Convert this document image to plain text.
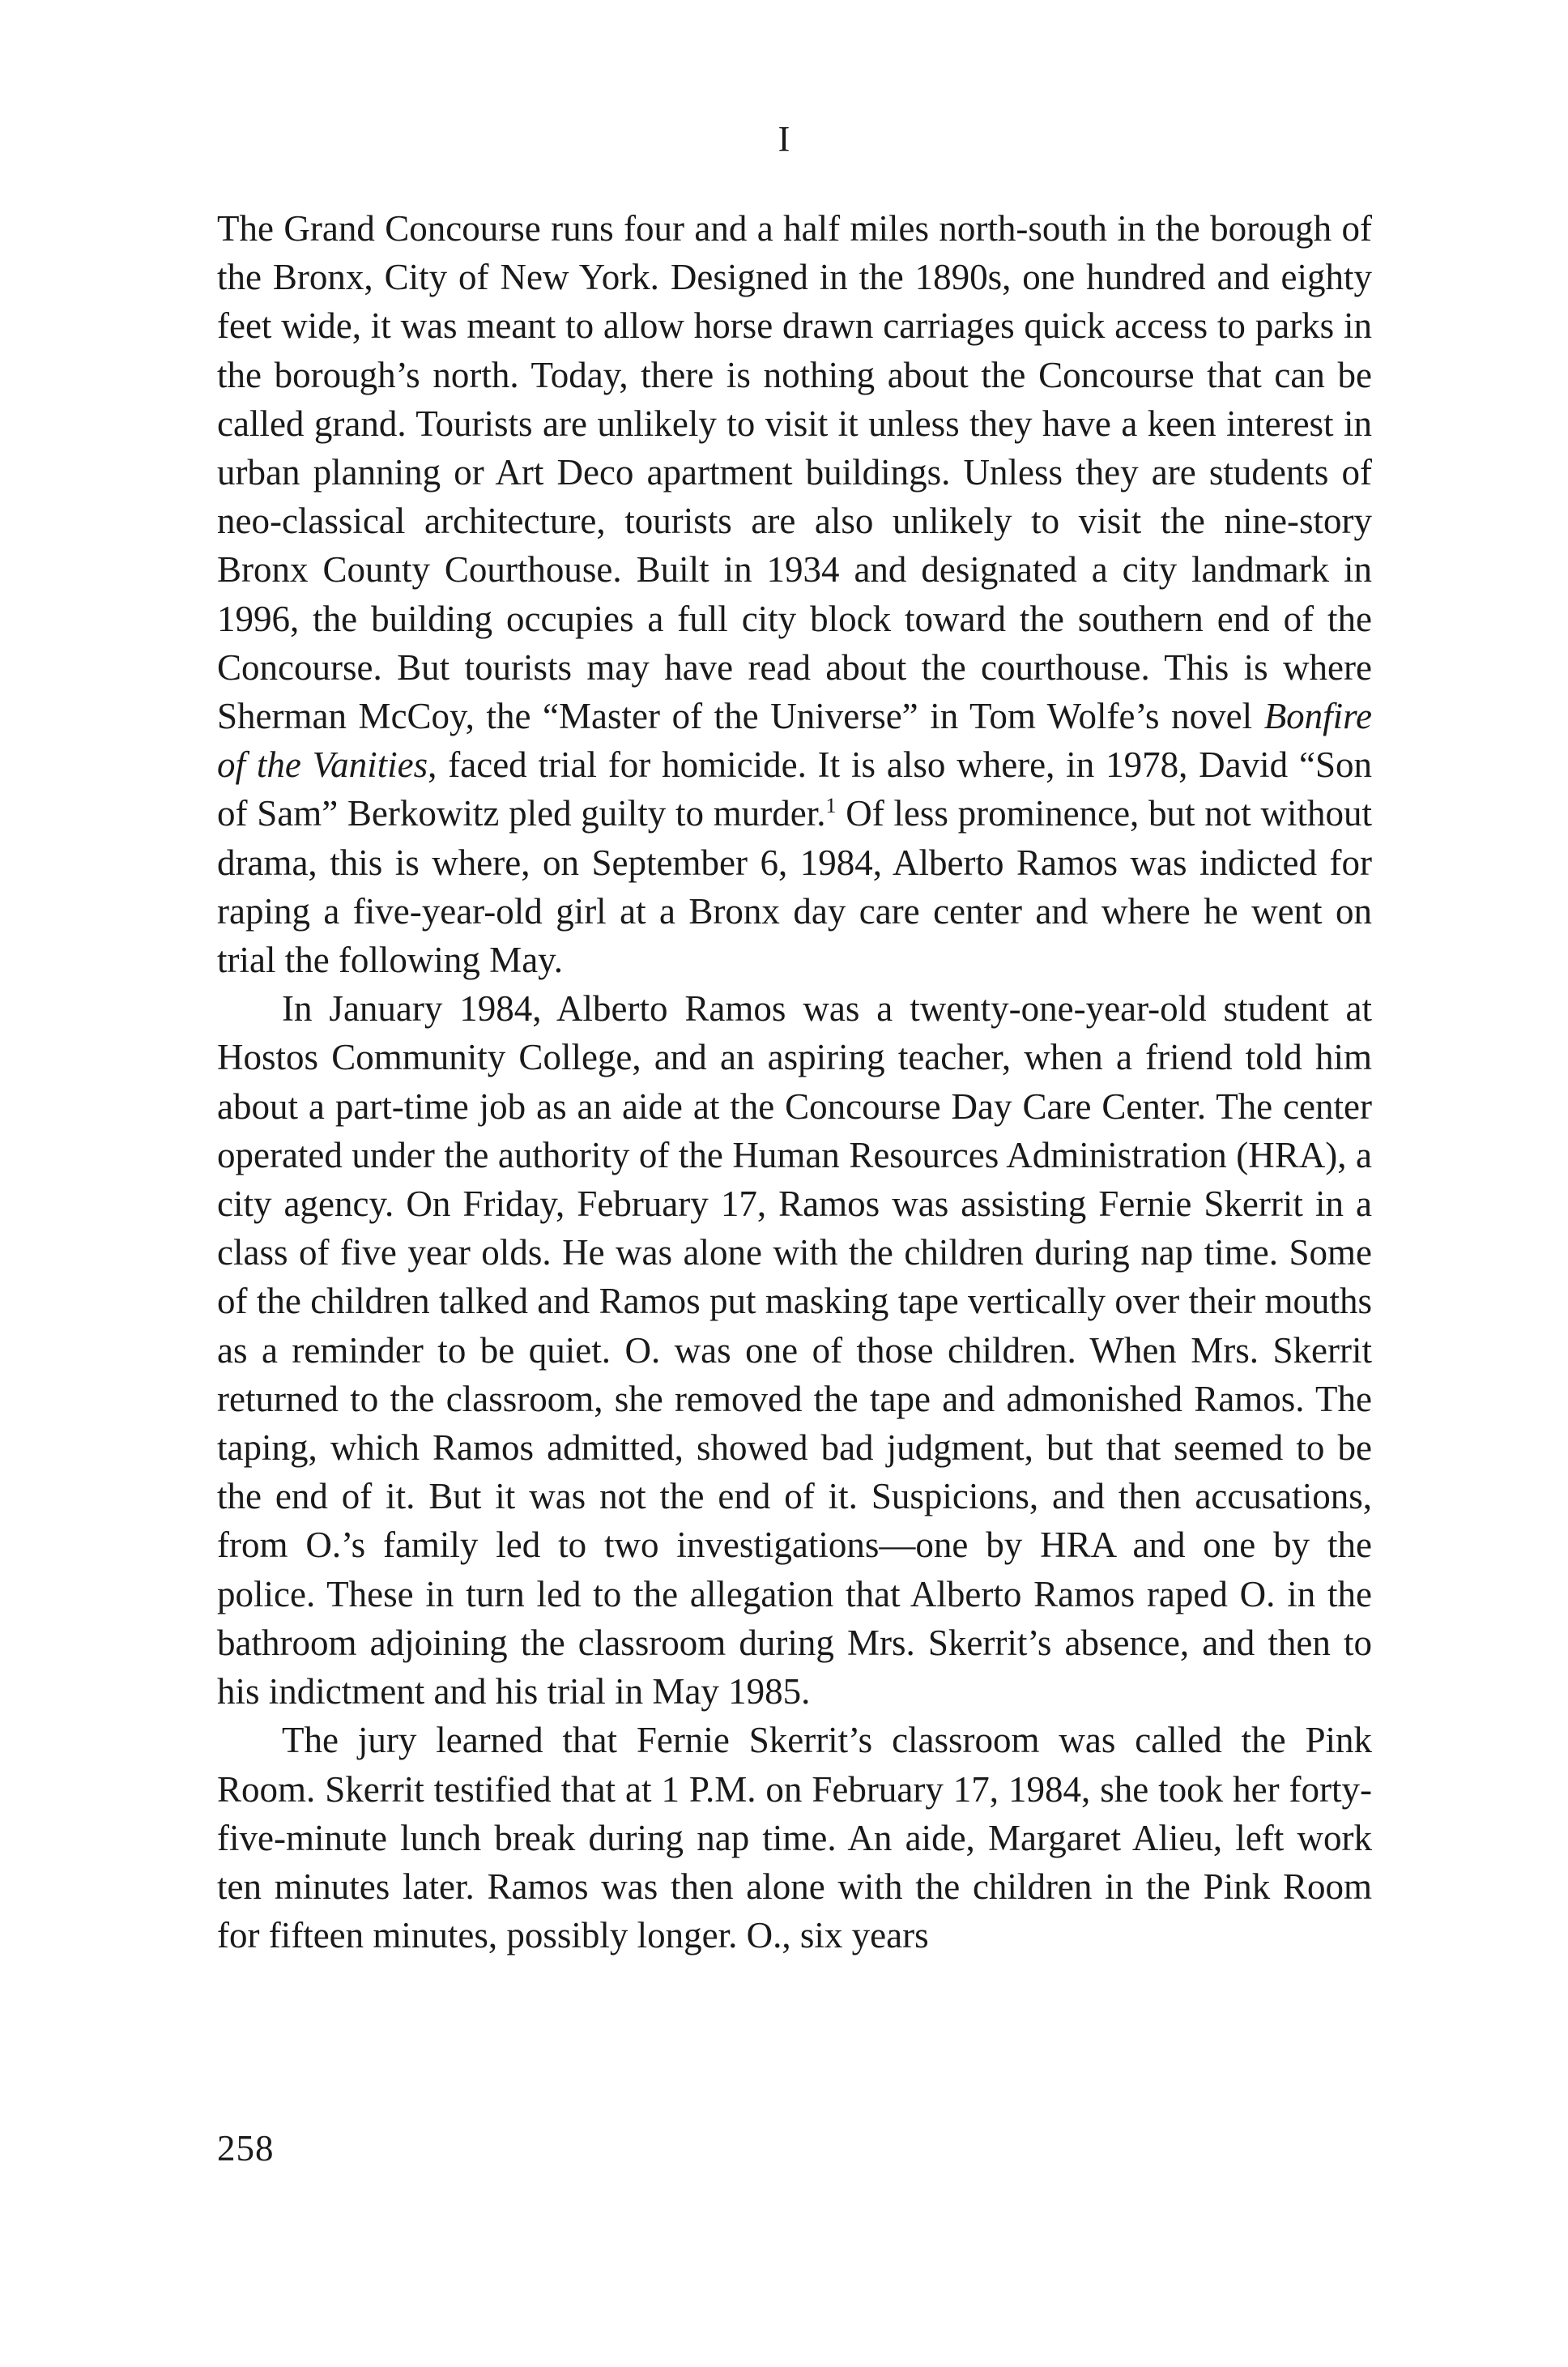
I

The Grand Concourse runs four and a half miles north-south in the borough of the Bronx, City of New York. Designed in the 1890s, one hundred and eighty feet wide, it was meant to allow horse drawn carriages quick access to parks in the borough’s north. Today, there is nothing about the Concourse that can be called grand. Tourists are unlikely to visit it unless they have a keen interest in urban planning or Art Deco apartment buildings. Unless they are students of neo-classical architecture, tourists are also unlikely to visit the nine-story Bronx County Courthouse. Built in 1934 and designated a city landmark in 1996, the building occupies a full city block toward the southern end of the Concourse. But tourists may have read about the courthouse. This is where Sherman McCoy, the “Master of the Universe” in Tom Wolfe’s novel Bonfire of the Vanities, faced trial for homicide. It is also where, in 1978, David “Son of Sam” Berkowitz pled guilty to murder.$^1$ Of less prominence, but not without drama, this is where, on September 6, 1984, Alberto Ramos was indicted for raping a five-year-old girl at a Bronx day care center and where he went on trial the following May.

In January 1984, Alberto Ramos was a twenty-one-year-old student at Hostos Community College, and an aspiring teacher, when a friend told him about a part-time job as an aide at the Concourse Day Care Center. The center operated under the authority of the Human Resources Administration (HRA), a city agency. On Friday, February 17, Ramos was assisting Fernie Skerrit in a class of five year olds. He was alone with the children during nap time. Some of the children talked and Ramos put masking tape vertically over their mouths as a reminder to be quiet. O. was one of those children. When Mrs. Skerrit returned to the classroom, she removed the tape and admonished Ramos. The taping, which Ramos admitted, showed bad judgment, but that seemed to be the end of it. But it was not the end of it. Suspicions, and then accusations, from O.’s family led to two investigations—one by HRA and one by the police. These in turn led to the allegation that Alberto Ramos raped O. in the bathroom adjoining the classroom during Mrs. Skerrit’s absence, and then to his indictment and his trial in May 1985.

The jury learned that Fernie Skerrit’s classroom was called the Pink Room. Skerrit testified that at 1 P.M. on February 17, 1984, she took her forty-five-minute lunch break during nap time. An aide, Margaret Alieu, left work ten minutes later. Ramos was then alone with the children in the Pink Room for fifteen minutes, possibly longer. O., six years

258
